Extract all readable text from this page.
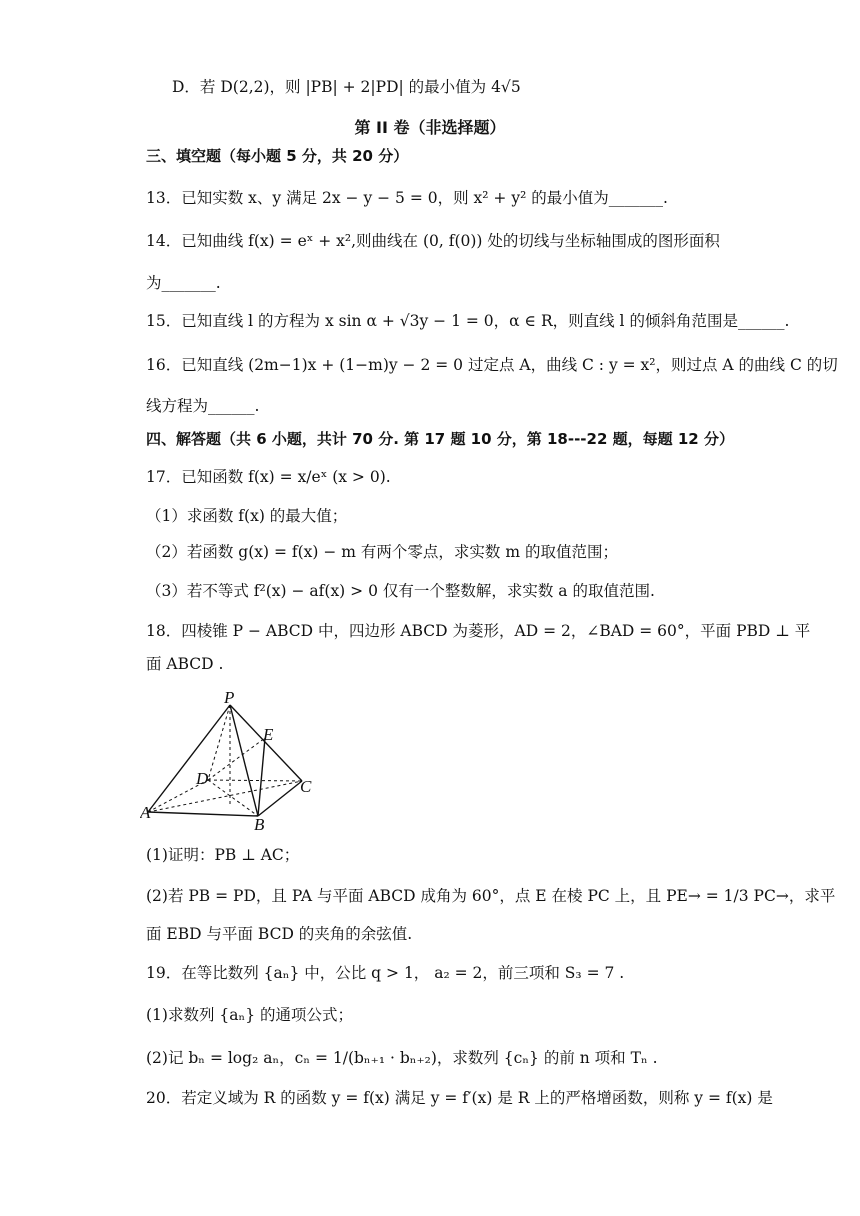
D．若 D(2,2)，则 |PB| + 2|PD| 的最小值为 4√5
第 II 卷（非选择题）
三、填空题（每小题 5 分，共 20 分）
13．已知实数 x、y 满足 2x − y − 5 = 0，则 x² + y² 的最小值为_______.
14．已知曲线 f(x) = eˣ + x²,则曲线在 (0, f(0)) 处的切线与坐标轴围成的图形面积
为_______.
15．已知直线 l 的方程为 x sin α + √3y − 1 = 0，α ∈ R，则直线 l 的倾斜角范围是______.
16．已知直线 (2m−1)x + (1−m)y − 2 = 0 过定点 A，曲线 C : y = x²，则过点 A 的曲线 C 的切
线方程为______.
四、解答题（共 6 小题，共计 70 分. 第 17 题 10 分，第 18---22 题，每题 12 分）
17．已知函数 f(x) = x/eˣ (x > 0).
（1）求函数 f(x) 的最大值；
（2）若函数 g(x) = f(x) − m 有两个零点，求实数 m 的取值范围；
（3）若不等式 f²(x) − af(x) > 0 仅有一个整数解，求实数 a 的取值范围.
18．四棱锥 P − ABCD 中，四边形 ABCD 为菱形，AD = 2，∠BAD = 60°，平面 PBD ⊥ 平
面 ABCD .
P
E
D	C
A
B
(1)证明：PB ⊥ AC；
(2)若 PB = PD，且 PA 与平面 ABCD 成角为 60°，点 E 在棱 PC 上，且 PE→ = 1/3 PC→，求平
面 EBD 与平面 BCD 的夹角的余弦值.
19．在等比数列 {aₙ} 中，公比 q > 1， a₂ = 2，前三项和 S₃ = 7 .
(1)求数列 {aₙ} 的通项公式；
(2)记 bₙ = log₂ aₙ，cₙ = 1/(bₙ₊₁ · bₙ₊₂)，求数列 {cₙ} 的前 n 项和 Tₙ .
20．若定义域为 R 的函数 y = f(x) 满足 y = f′(x) 是 R 上的严格增函数，则称 y = f(x) 是
